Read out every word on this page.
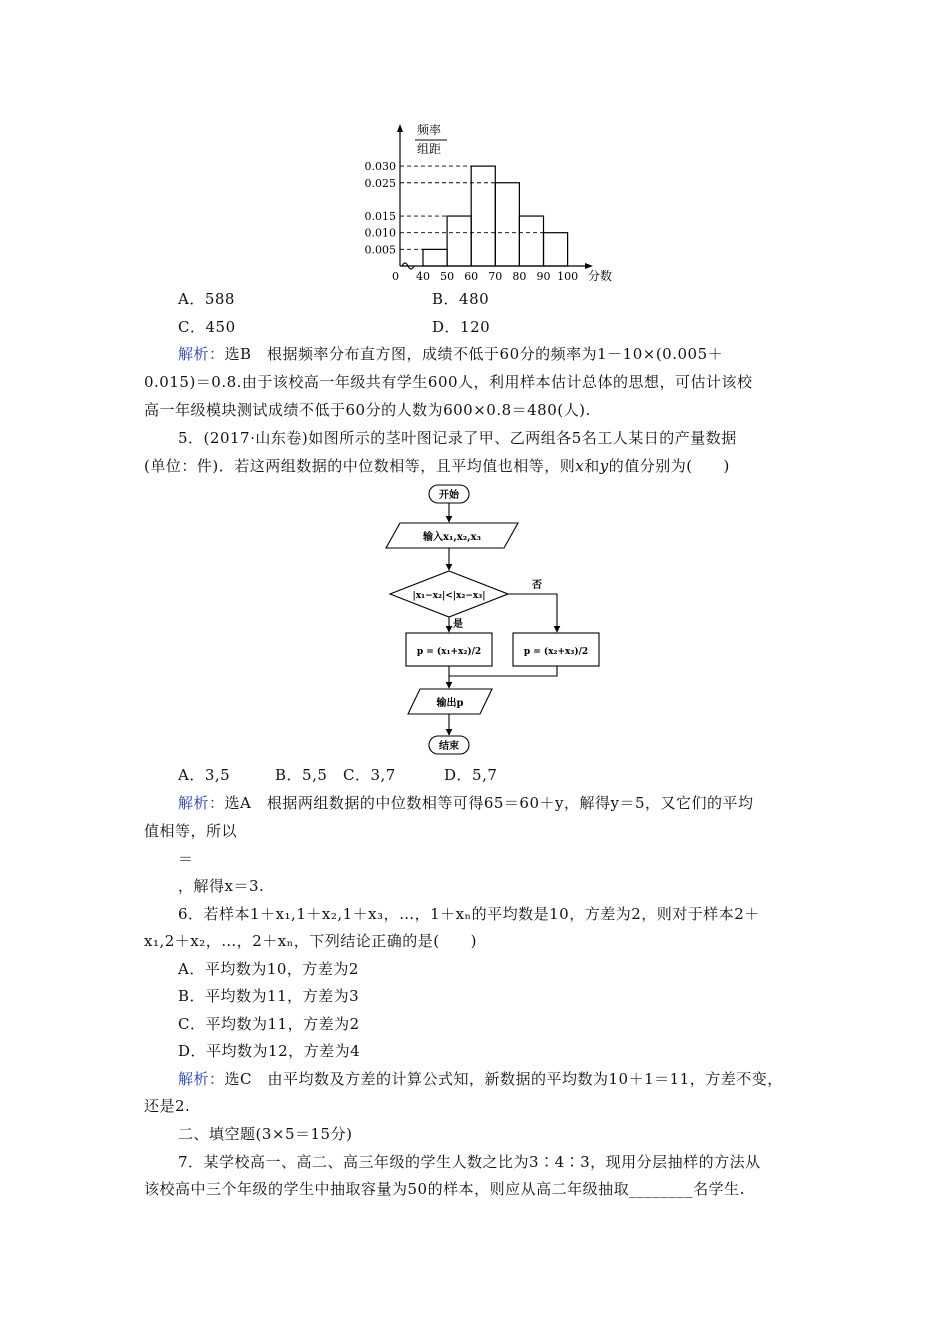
0.005
0.010
0.015
0.025
0.030
40 50 60 70 80 90 100
频率
组距
0	分数
A．588	B．480
C．450	D．120
解析：选B　根据频率分布直方图，成绩不低于60分的频率为1－10×(0.005＋
0.015)＝0.8.由于该校高一年级共有学生600人，利用样本估计总体的思想，可估计该校
高一年级模块测试成绩不低于60分的人数为600×0.8＝480(人).
5．(2017·山东卷)如图所示的茎叶图记录了甲、乙两组各5名工人某日的产量数据
(单位：件)．若这两组数据的中位数相等，且平均值也相等，则x和y的值分别为(　　)
开始
输入x₁,x₂,x₃
|x₁−x₂|<|x₂−x₃|
否
是
p = (x₁+x₂)/2	p = (x₂+x₃)/2
输出p
结束
A．3,5	B．5,5 C．3,7	D．5,7
解析：选A　根据两组数据的中位数相等可得65＝60＋y，解得y＝5，又它们的平均
值相等，所以
＝
，解得x＝3.
6．若样本1＋x₁,1＋x₂,1＋x₃，…，1＋xₙ的平均数是10，方差为2，则对于样本2＋
x₁,2＋x₂，…，2＋xₙ，下列结论正确的是(　　)
A．平均数为10，方差为2
B．平均数为11，方差为3
C．平均数为11，方差为2
D．平均数为12，方差为4
解析：选C　由平均数及方差的计算公式知，新数据的平均数为10＋1＝11，方差不变，
还是2.
二、填空题(3×5＝15分)
7．某学校高一、高二、高三年级的学生人数之比为3∶4∶3，现用分层抽样的方法从
该校高中三个年级的学生中抽取容量为50的样本，则应从高二年级抽取________名学生.
